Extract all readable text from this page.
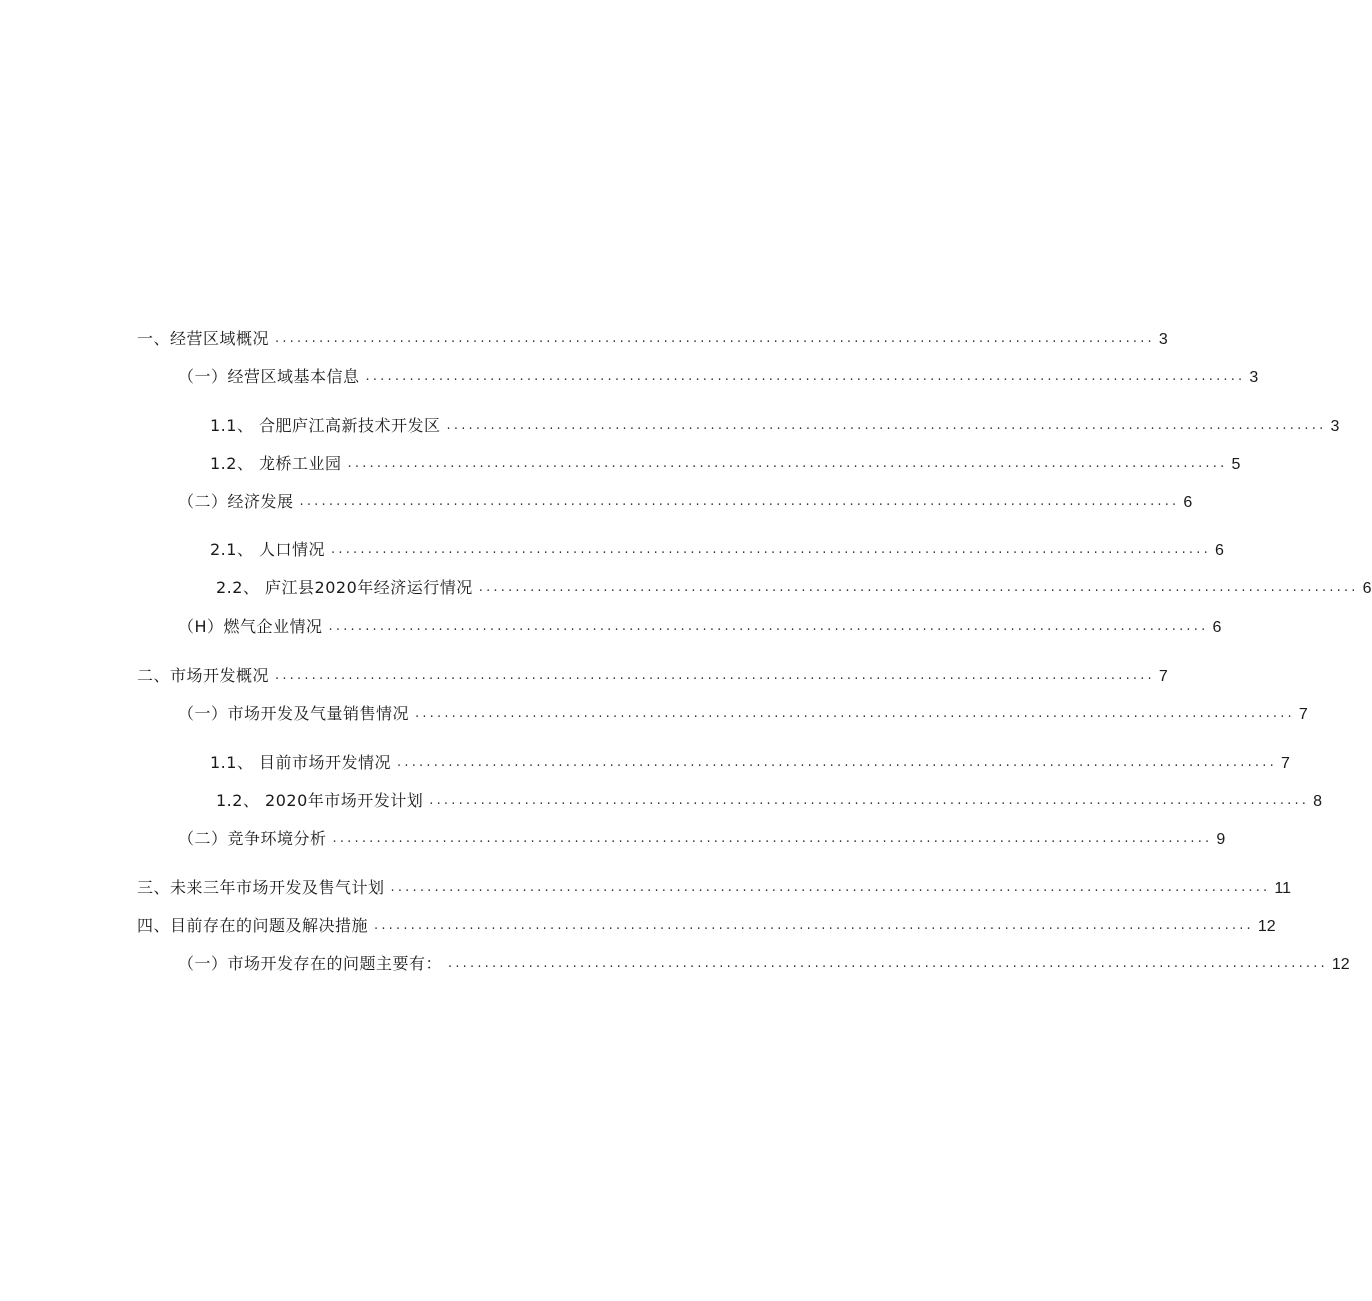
一、经营区域概况 ........................................................................................................................ 3
（一）经营区域基本信息 ........................................................................................................................ 3
1.1、 合肥庐江高新技术开发区 ........................................................................................................................ 3
1.2、 龙桥工业园 ........................................................................................................................ 5
（二）经济发展 ........................................................................................................................ 6
2.1、 人口情况 ........................................................................................................................ 6
2.2、 庐江县2020年经济运行情况 ........................................................................................................................ 6
（H）燃气企业情况 ........................................................................................................................ 6
二、市场开发概况 ........................................................................................................................ 7
（一）市场开发及气量销售情况 ........................................................................................................................ 7
1.1、 目前市场开发情况 ........................................................................................................................ 7
1.2、 2020年市场开发计划 ........................................................................................................................ 8
（二）竞争环境分析 ........................................................................................................................ 9
三、未来三年市场开发及售气计划 ........................................................................................................................ 11
四、目前存在的问题及解决措施 ........................................................................................................................ 12
（一）市场开发存在的问题主要有： ........................................................................................................................ 12
